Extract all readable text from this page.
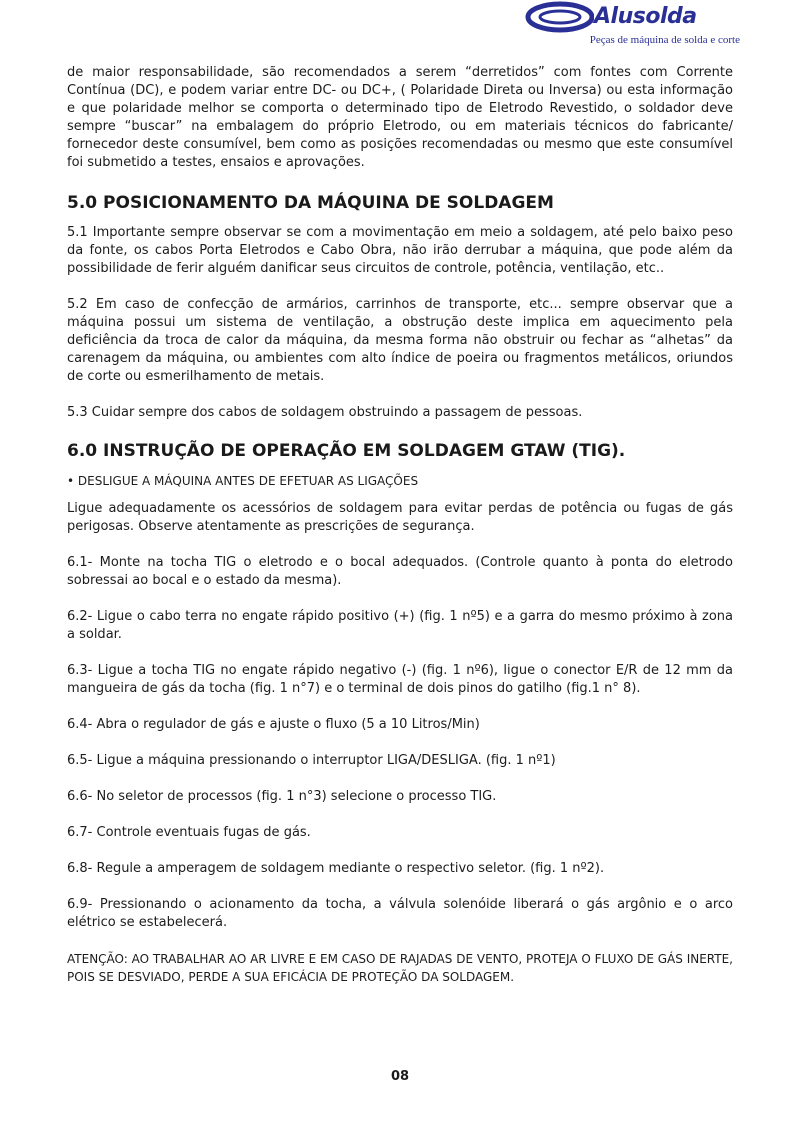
Alusolda
Peças de máquina de solda e corte

de maior responsabilidade, são recomendados a serem “derretidos” com fontes com Corrente Contínua (DC), e podem variar entre DC- ou DC+, ( Polaridade Direta ou Inversa) ou esta informação e que polaridade melhor se comporta o determinado tipo de Eletrodo Revestido, o soldador deve sempre “buscar” na embalagem do próprio Eletrodo, ou em materiais técnicos do fabricante/ fornecedor deste consumível, bem como as posições recomendadas ou mesmo que este consumível foi submetido a testes, ensaios e aprovações.

5.0 POSICIONAMENTO DA MÁQUINA DE SOLDAGEM

5.1 Importante sempre observar se com a movimentação em meio a soldagem, até pelo baixo peso da fonte, os cabos Porta Eletrodos e Cabo Obra, não irão derrubar a máquina, que pode além da possibilidade de ferir alguém danificar seus circuitos de controle, potência, ventilação, etc..

5.2 Em caso de confecção de armários, carrinhos de transporte, etc... sempre observar que a máquina possui um sistema de ventilação, a obstrução deste implica em aquecimento pela deficiência da troca de calor da máquina, da mesma forma não obstruir ou fechar as “alhetas” da carenagem da máquina, ou ambientes com alto índice de poeira ou fragmentos metálicos, oriundos de corte ou esmerilhamento de metais.

5.3 Cuidar sempre dos cabos de soldagem obstruindo a passagem de pessoas.

6.0 INSTRUÇÃO DE OPERAÇÃO EM SOLDAGEM GTAW (TIG).

• DESLIGUE A MÁQUINA ANTES DE EFETUAR AS LIGAÇÕES

Ligue adequadamente os acessórios de soldagem para evitar perdas de potência ou fugas de gás perigosas. Observe atentamente as prescrições de segurança.

6.1- Monte na tocha TIG o eletrodo e o bocal adequados. (Controle quanto à ponta do eletrodo sobressai ao bocal e o estado da mesma).

6.2- Ligue o cabo terra no engate rápido positivo (+) (fig. 1 nº5) e a garra do mesmo próximo à zona a soldar.

6.3- Ligue a tocha TIG no engate rápido negativo (-) (fig. 1 nº6), ligue o conector E/R de 12 mm da mangueira de gás da tocha (fig. 1 n°7) e o terminal de dois pinos do gatilho (fig.1 n° 8).

6.4- Abra o regulador de gás e ajuste o fluxo (5 a 10 Litros/Min)

6.5- Ligue a máquina pressionando o interruptor LIGA/DESLIGA. (fig. 1 nº1)

6.6- No seletor de processos (fig. 1 n°3) selecione o processo TIG.

6.7- Controle eventuais fugas de gás.

6.8- Regule a amperagem de soldagem mediante o respectivo seletor. (fig. 1 nº2).

6.9- Pressionando o acionamento da tocha, a válvula solenóide liberará o gás argônio e o arco elétrico se estabelecerá.

ATENÇÃO: AO TRABALHAR AO AR LIVRE E EM CASO DE RAJADAS DE VENTO, PROTEJA O FLUXO DE GÁS INERTE, POIS SE DESVIADO, PERDE A SUA EFICÁCIA DE PROTEÇÃO DA SOLDAGEM.

08
